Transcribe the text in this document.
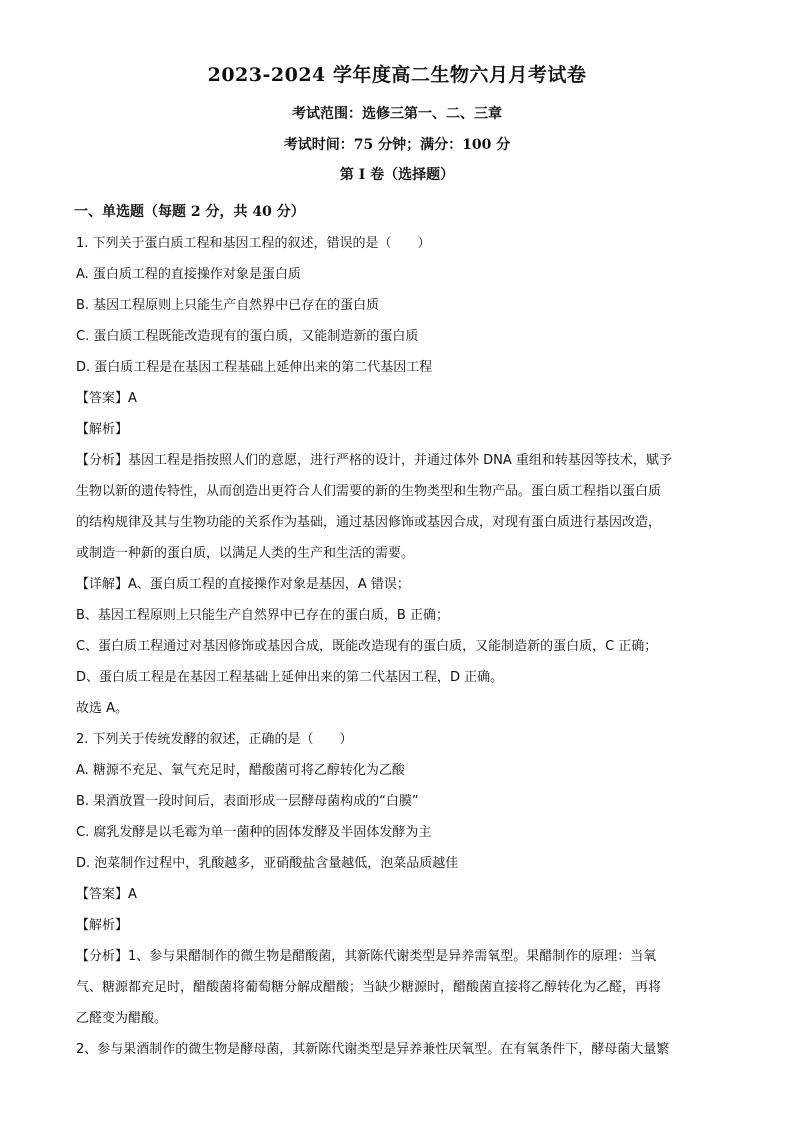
2023-2024 学年度高二生物六月月考试卷
考试范围：选修三第一、二、三章
考试时间：75 分钟；满分：100 分
第 I 卷（选择题）
一、单选题（每题 2 分，共 40 分）
1. 下列关于蛋白质工程和基因工程的叙述，错误的是（ ）
A. 蛋白质工程的直接操作对象是蛋白质
B. 基因工程原则上只能生产自然界中已存在的蛋白质
C. 蛋白质工程既能改造现有的蛋白质，又能制造新的蛋白质
D. 蛋白质工程是在基因工程基础上延伸出来的第二代基因工程
【答案】A
【解析】
【分析】基因工程是指按照人们的意愿，进行严格的设计，并通过体外 DNA 重组和转基因等技术，赋予
生物以新的遗传特性，从而创造出更符合人们需要的新的生物类型和生物产品。蛋白质工程指以蛋白质
的结构规律及其与生物功能的关系作为基础，通过基因修饰或基因合成，对现有蛋白质进行基因改造，
或制造一种新的蛋白质，以满足人类的生产和生活的需要。
【详解】A、蛋白质工程的直接操作对象是基因，A 错误；
B、基因工程原则上只能生产自然界中已存在的蛋白质，B 正确；
C、蛋白质工程通过对基因修饰或基因合成，既能改造现有的蛋白质，又能制造新的蛋白质，C 正确；
D、蛋白质工程是在基因工程基础上延伸出来的第二代基因工程，D 正确。
故选 A。
2. 下列关于传统发酵的叙述，正确的是（ ）
A. 糖源不充足、氧气充足时，醋酸菌可将乙醇转化为乙酸
B. 果酒放置一段时间后，表面形成一层酵母菌构成的“白膜”
C. 腐乳发酵是以毛霉为单一菌种的固体发酵及半固体发酵为主
D. 泡菜制作过程中，乳酸越多，亚硝酸盐含量越低，泡菜品质越佳
【答案】A
【解析】
【分析】1、参与果醋制作的微生物是醋酸菌，其新陈代谢类型是异养需氧型。果醋制作的原理：当氧
气、糖源都充足时，醋酸菌将葡萄糖分解成醋酸；当缺少糖源时，醋酸菌直接将乙醇转化为乙醛，再将
乙醛变为醋酸。
2、参与果酒制作的微生物是酵母菌，其新陈代谢类型是异养兼性厌氧型。在有氧条件下，酵母菌大量繁
